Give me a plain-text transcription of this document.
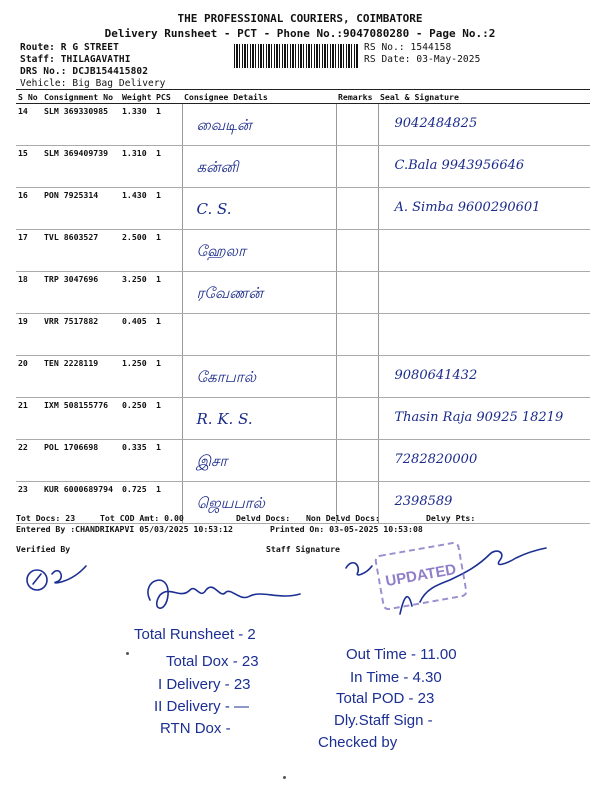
THE PROFESSIONAL COURIERS, COIMBATORE
Delivery Runsheet - PCT - Phone No.:9047080280 - Page No.:2
Route: R G STREET
Staff: THILAGAVATHI
DRS No.: DCJB154415802
Vehicle: Big Bag Delivery
RS No.: 1544158
RS Date: 03-May-2025
S No	Consignment No	Weight	PCS	Consignee Details	Remarks	Seal & Signature
14	SLM 369330985	1.330	1	வைடின்		9042484825

15	SLM 369409739	1.310	1	கன்னி		C.Bala 9943956646

16	PON 7925314	1.430	1	C. S.		A. Simba 9600290601

17	TVL 8603527	2.500	1	ஹேலா		

18	TRP 3047696	3.250	1	ரவேணன்		

19	VRR 7517882	0.405	1	

20	TEN 2228119	1.250	1	கோபால்		9080641432

21	IXM 508155776	0.250	1	R. K. S.		Thasin Raja 90925 18219

22	POL 1706698	0.335	1	இசா		7282820000

23	KUR 6000689794	0.725	1	ஜெயபால்		2398589
Tot Docs: 23	Tot COD Amt: 0.00	Delvd Docs: Non Delvd Docs:	Delvy Pts:
Entered By :CHANDRIKAPVI 05/03/2025 10:53:12	Printed On: 03-05-2025 10:53:08
Verified By	Staff Signature
UPDATED
Total Runsheet - 2
Total Dox - 23
I Delivery - 23
II Delivery - —
RTN Dox -
Out Time - 11.00
In Time - 4.30
Total POD - 23
Dly.Staff Sign -
Checked by
